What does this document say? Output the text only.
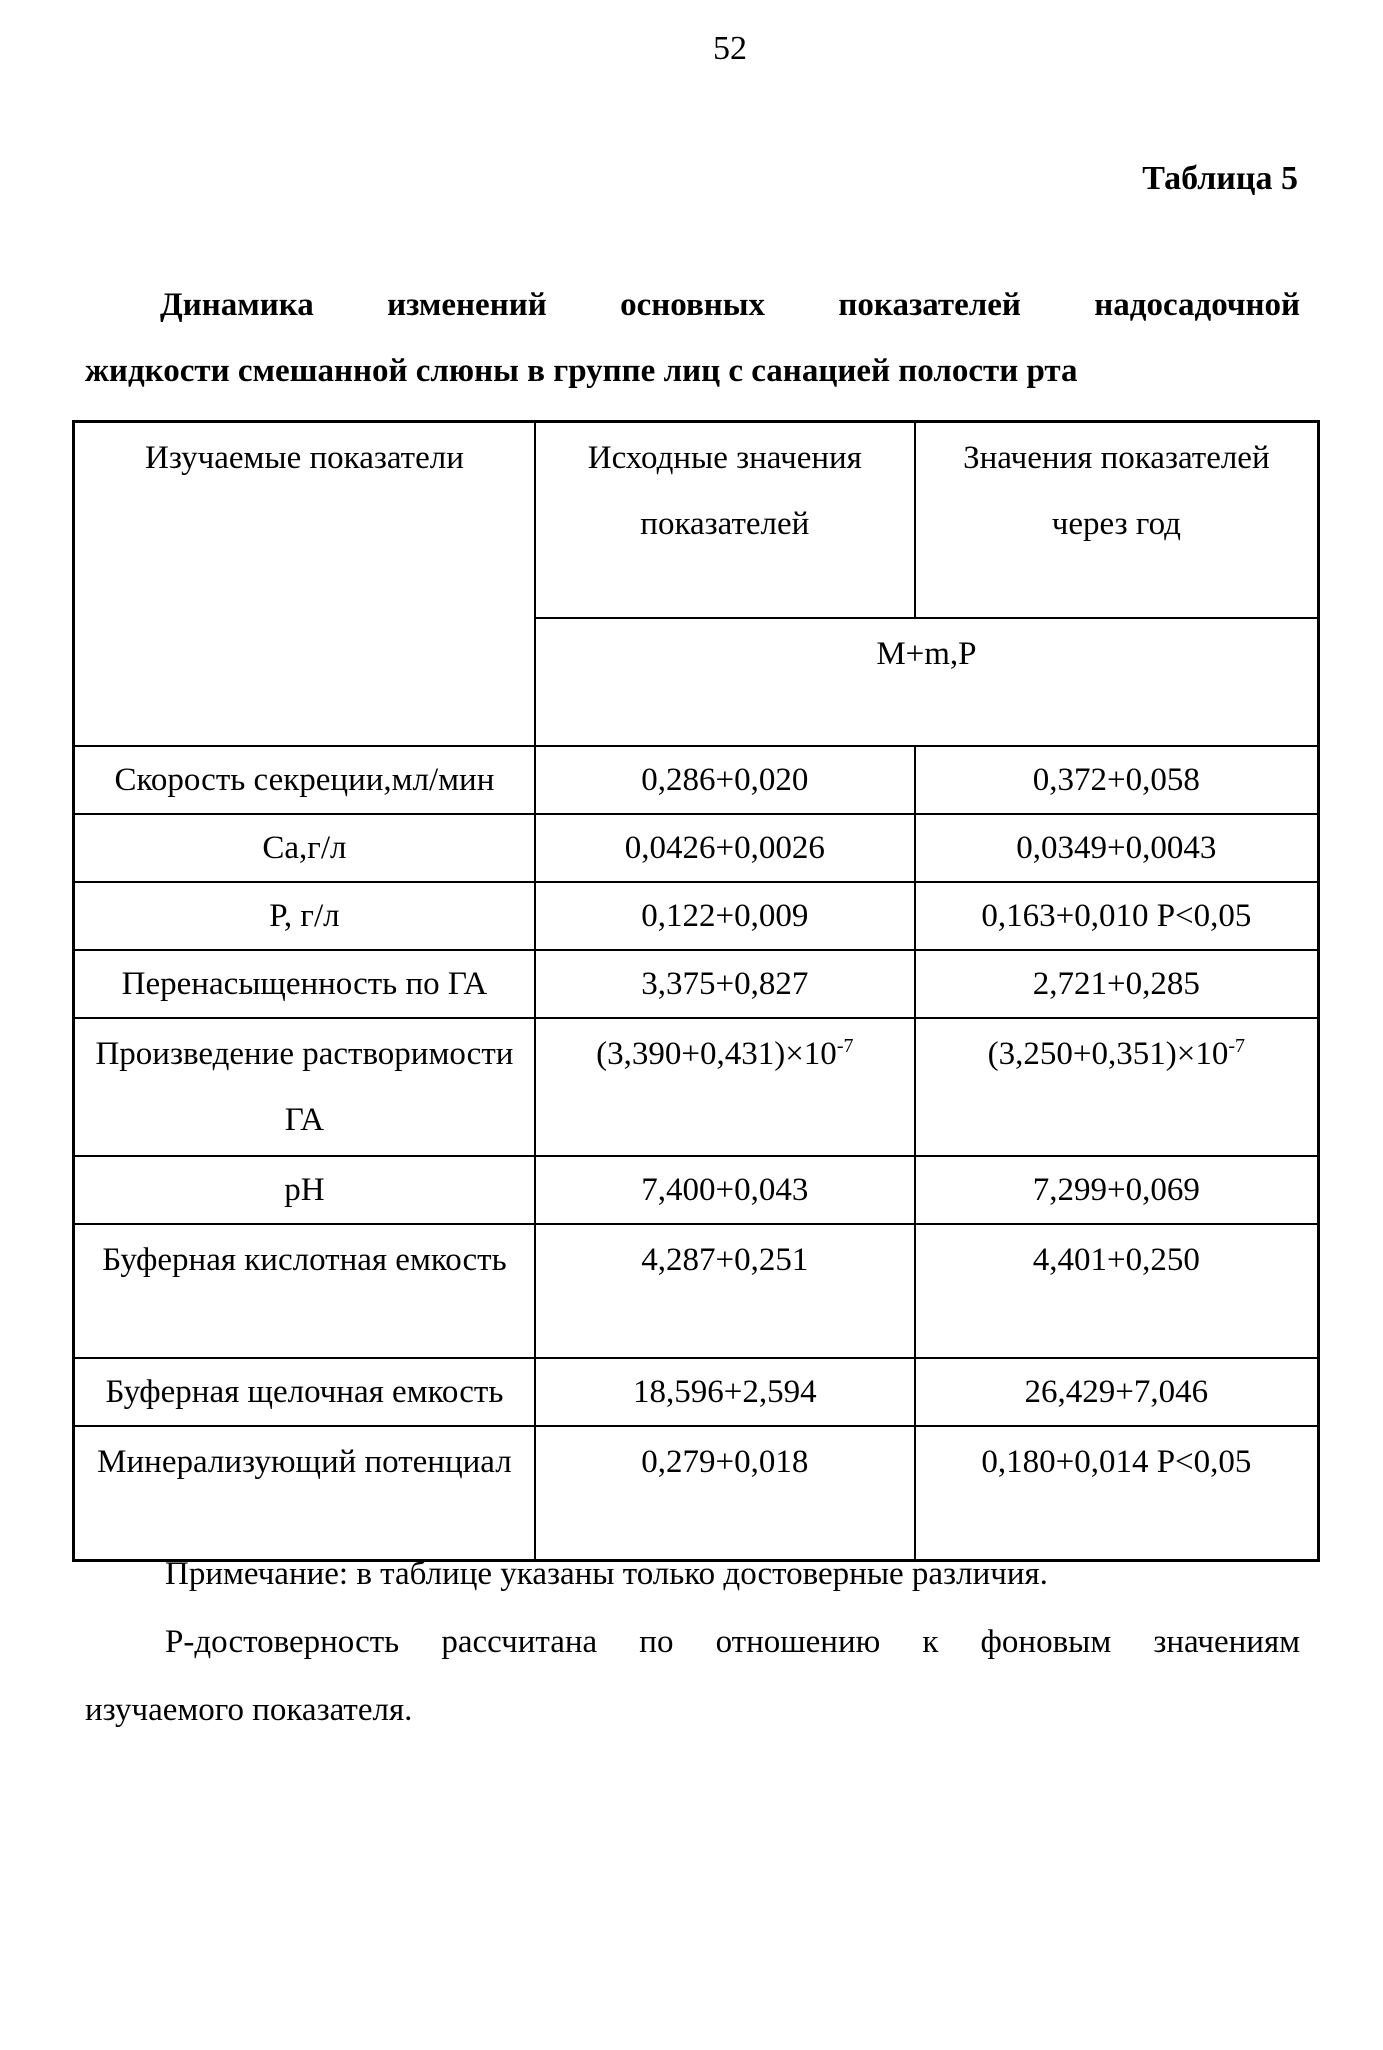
52
Таблица 5
Динамика изменений основных показателей надосадочной
жидкости смешанной слюны в группе лиц с санацией полости рта
Изучаемые показатели	Исходные значения показателей	Значения показателей через год
	M+m,P	
Скорость секреции,мл/мин	0,286+0,020	0,372+0,058
Ca,г/л	0,0426+0,0026	0,0349+0,0043
P, г/л	0,122+0,009	0,163+0,010 P<0,05
Перенасыщенность по ГА	3,375+0,827	2,721+0,285
Произведение растворимости ГА	$(3,390+0,431)\times 10^{-7}$	$(3,250+0,351)\times 10^{-7}$
pH	7,400+0,043	7,299+0,069
Буферная кислотная емкость	4,287+0,251	4,401+0,250
Буферная щелочная емкость	18,596+2,594	26,429+7,046
Минерализующий потенциал	0,279+0,018	0,180+0,014 P<0,05
Примечание: в таблице указаны только достоверные различия.
P-достоверность рассчитана по отношению к фоновым значениям
изучаемого показателя.
